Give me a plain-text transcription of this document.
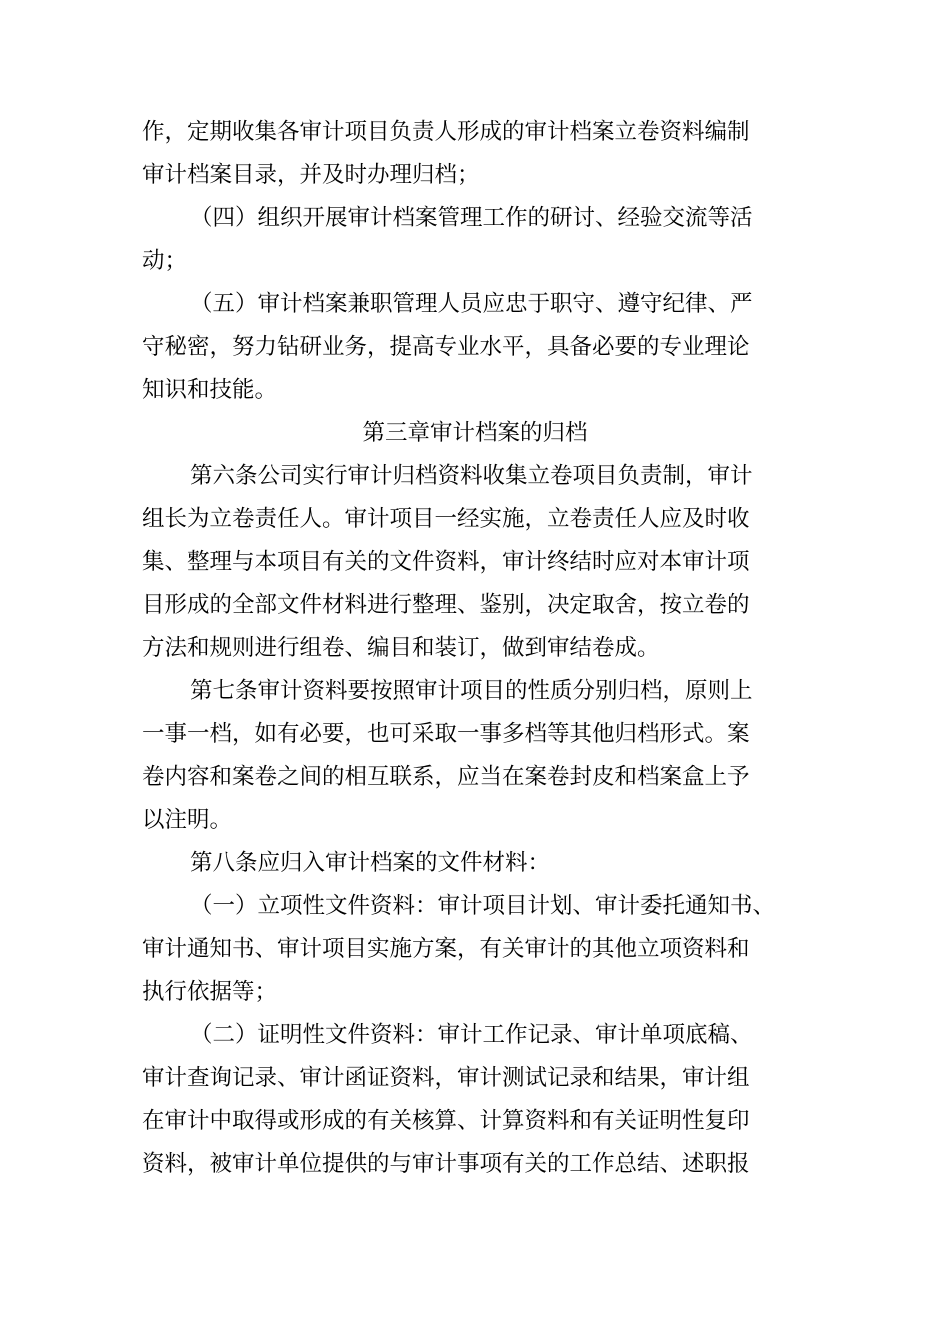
作，定期收集各审计项目负责人形成的审计档案立卷资料编制
审计档案目录，并及时办理归档；
（四）组织开展审计档案管理工作的研讨、经验交流等活
动；
（五）审计档案兼职管理人员应忠于职守、遵守纪律、严
守秘密，努力钻研业务，提高专业水平，具备必要的专业理论
知识和技能。
第三章审计档案的归档
第六条公司实行审计归档资料收集立卷项目负责制，审计
组长为立卷责任人。审计项目一经实施，立卷责任人应及时收
集、整理与本项目有关的文件资料，审计终结时应对本审计项
目形成的全部文件材料进行整理、鉴别，决定取舍，按立卷的
方法和规则进行组卷、编目和装订，做到审结卷成。
第七条审计资料要按照审计项目的性质分别归档，原则上
一事一档，如有必要，也可采取一事多档等其他归档形式。案
卷内容和案卷之间的相互联系，应当在案卷封皮和档案盒上予
以注明。
第八条应归入审计档案的文件材料：
（一）立项性文件资料：审计项目计划、审计委托通知书、
审计通知书、审计项目实施方案，有关审计的其他立项资料和
执行依据等；
（二）证明性文件资料：审计工作记录、审计单项底稿、
审计查询记录、审计函证资料，审计测试记录和结果，审计组
在审计中取得或形成的有关核算、计算资料和有关证明性复印
资料，被审计单位提供的与审计事项有关的工作总结、述职报
